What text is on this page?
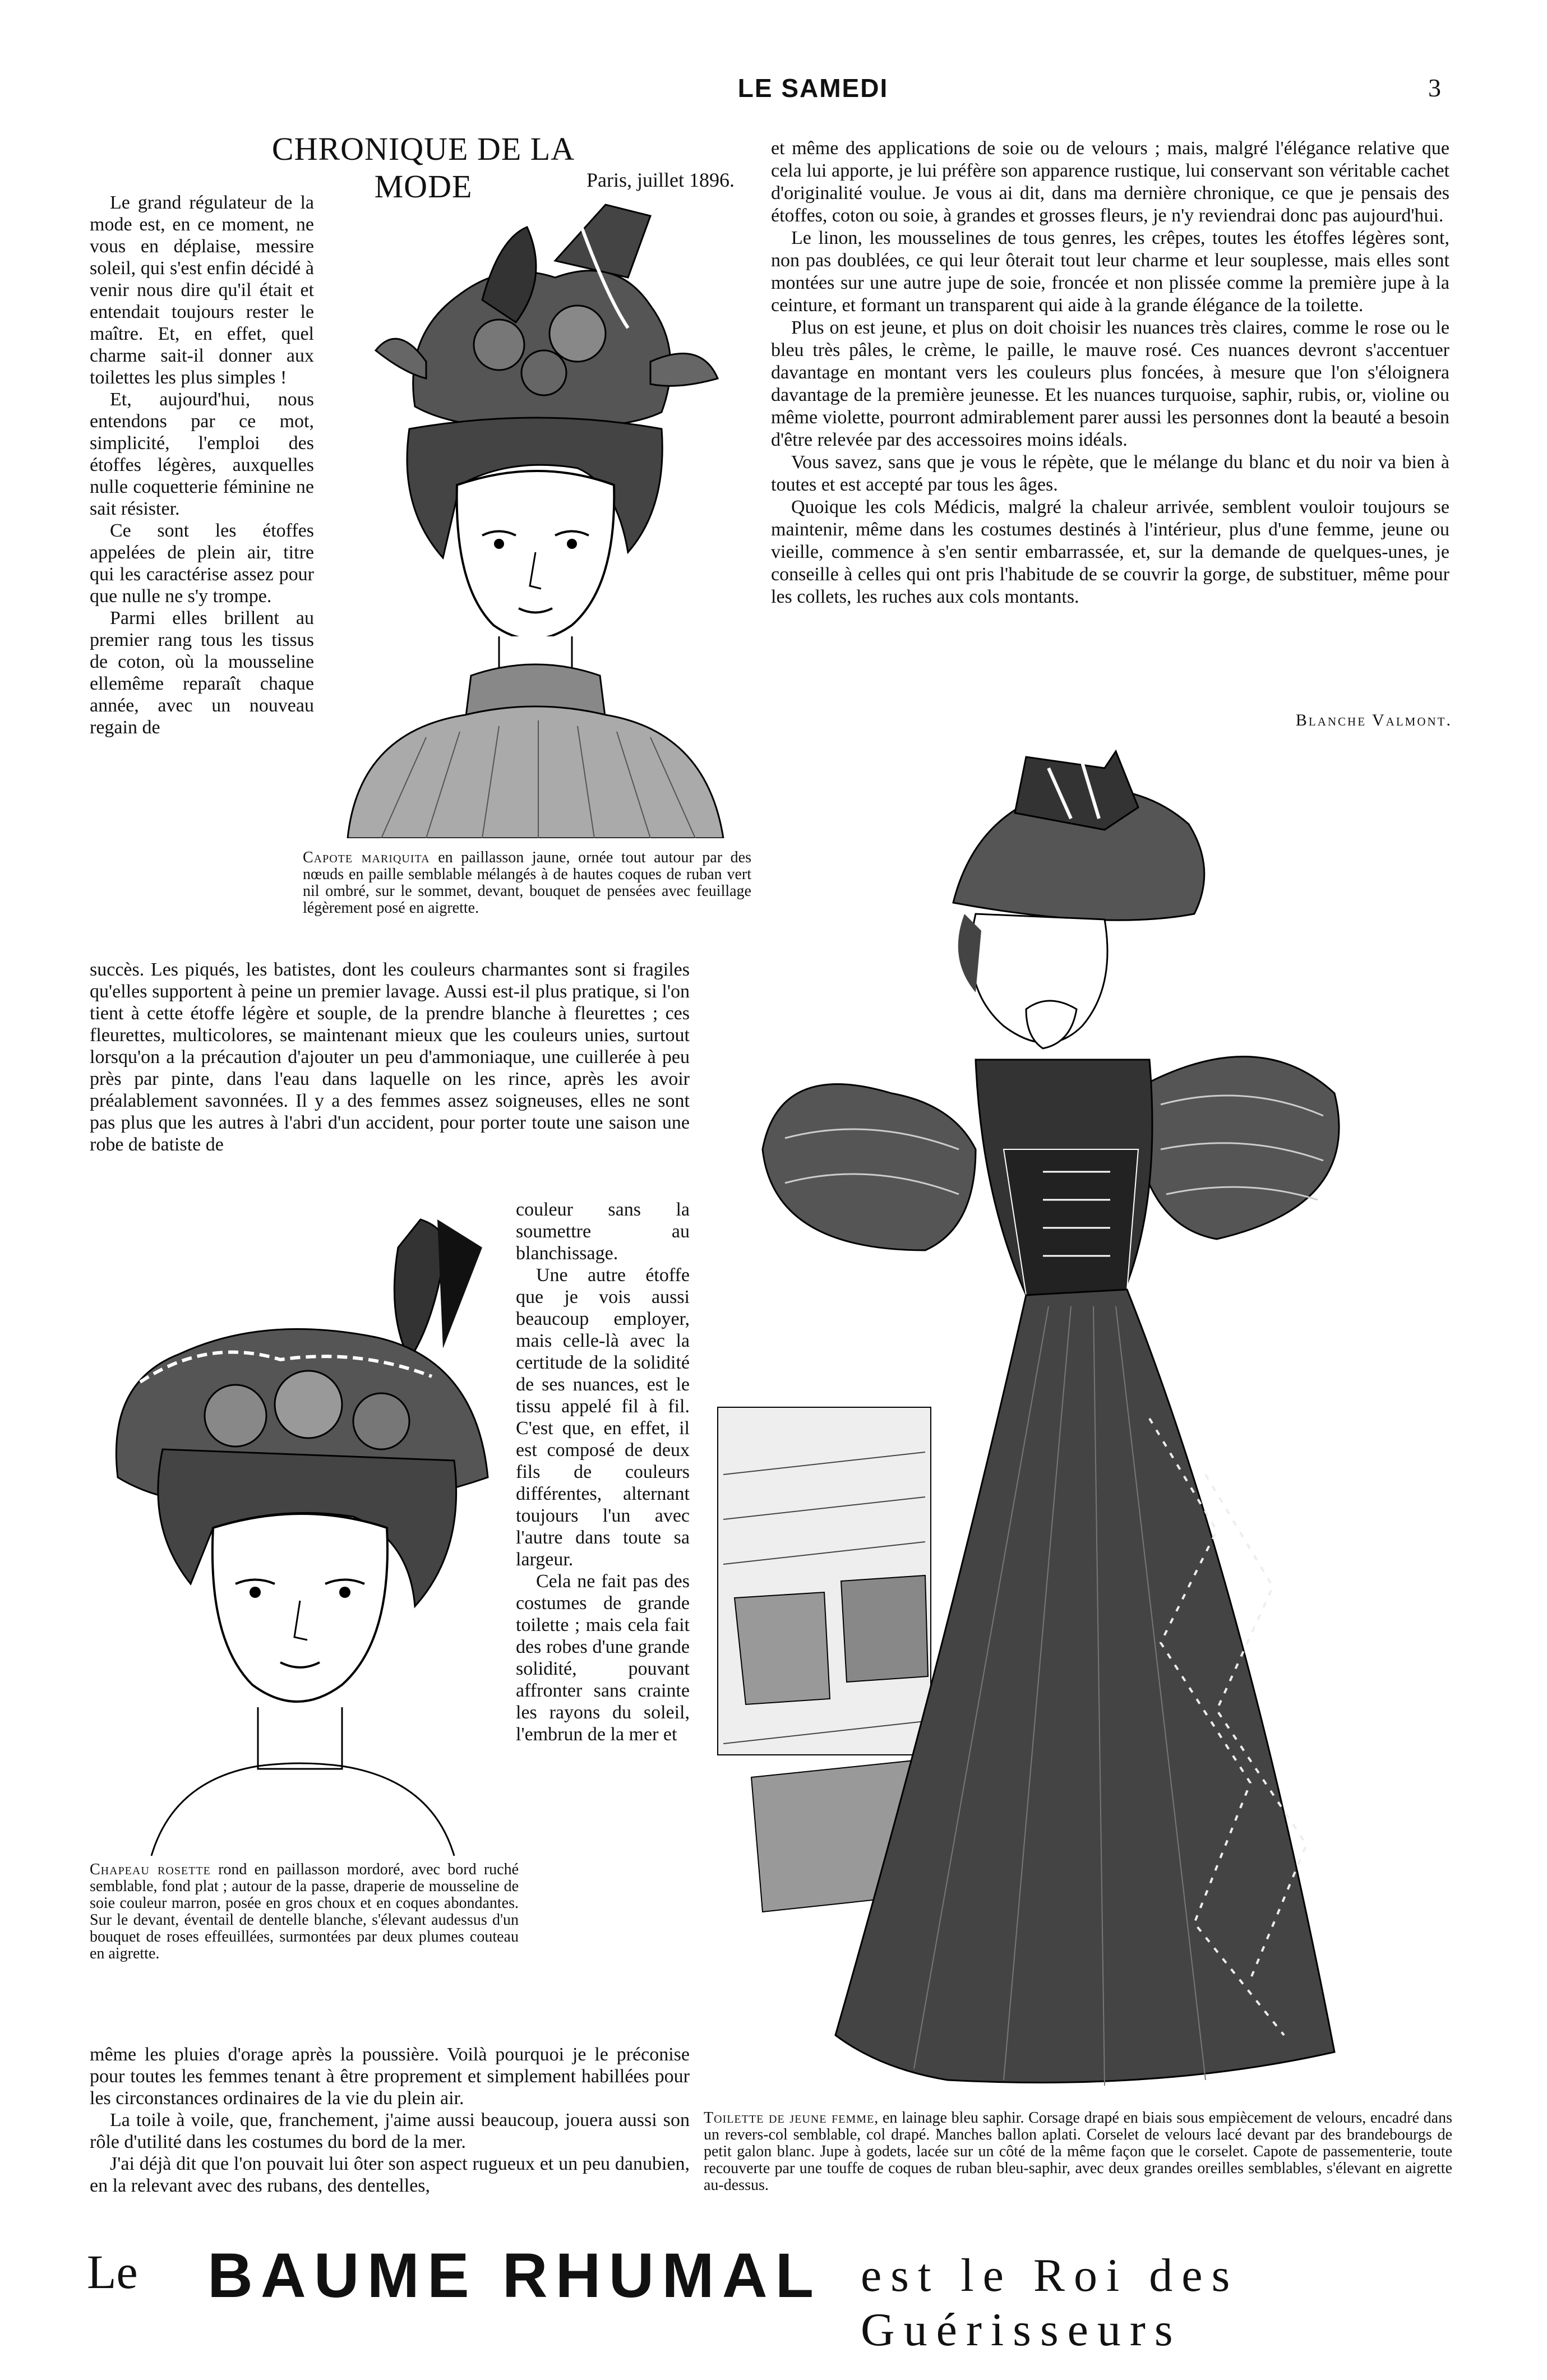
LE SAMEDI	3
CHRONIQUE DE LA MODE	Paris, juillet 1896.

Le grand régulateur de la mode est, en ce moment, ne vous en déplaise, messire soleil, qui s'est enfin décidé à venir nous dire qu'il était et entendait toujours rester le maître. Et, en effet, quel charme sait-il donner aux toilettes les plus simples !

Et, aujourd'hui, nous entendons par ce mot, simplicité, l'emploi des étoffes légères, auxquelles nulle coquetterie féminine ne sait résister.

Ce sont les étoffes appelées de plein air, titre qui les caractérise assez pour que nulle ne s'y trompe.

Parmi elles brillent au premier rang tous les tissus de coton, où la mousseline ellemême reparaît chaque année, avec un nouveau regain de

Capote mariquita en paillasson jaune, ornée tout autour par des nœuds en paille semblable mélangés à de hautes coques de ruban vert nil ombré, sur le sommet, devant, bouquet de pensées avec feuillage légèrement posé en aigrette.

succès. Les piqués, les batistes, dont les couleurs charmantes sont si fragiles qu'elles supportent à peine un premier lavage. Aussi est-il plus pratique, si l'on tient à cette étoffe légère et souple, de la prendre blanche à fleurettes ; ces fleurettes, multicolores, se maintenant mieux que les couleurs unies, surtout lorsqu'on a la précaution d'ajouter un peu d'ammoniaque, une cuillerée à peu près par pinte, dans l'eau dans laquelle on les rince, après les avoir préalablement savonnées. Il y a des femmes assez soigneuses, elles ne sont pas plus que les autres à l'abri d'un accident, pour porter toute une saison une robe de batiste de

couleur sans la soumettre au blanchissage.

Une autre étoffe que je vois aussi beaucoup employer, mais celle-là avec la certitude de la solidité de ses nuances, est le tissu appelé fil à fil. C'est que, en effet, il est composé de deux fils de couleurs différentes, alternant toujours l'un avec l'autre dans toute sa largeur.

Cela ne fait pas des costumes de grande toilette ; mais cela fait des robes d'une grande solidité, pouvant affronter sans crainte les rayons du soleil, l'embrun de la mer et

Chapeau rosette rond en paillasson mordoré, avec bord ruché semblable, fond plat ; autour de la passe, draperie de mousseline de soie couleur marron, posée en gros choux et en coques abondantes. Sur le devant, éventail de dentelle blanche, s'élevant audessus d'un bouquet de roses effeuillées, surmontées par deux plumes couteau en aigrette.

même les pluies d'orage après la poussière. Voilà pourquoi je le préconise pour toutes les femmes tenant à être proprement et simplement habillées pour les circonstances ordinaires de la vie du plein air.

La toile à voile, que, franchement, j'aime aussi beaucoup, jouera aussi son rôle d'utilité dans les costumes du bord de la mer.

J'ai déjà dit que l'on pouvait lui ôter son aspect rugueux et un peu danubien, en la relevant avec des rubans, des dentelles,

et même des applications de soie ou de velours ; mais, malgré l'élégance relative que cela lui apporte, je lui préfère son apparence rustique, lui conservant son véritable cachet d'originalité voulue. Je vous ai dit, dans ma dernière chronique, ce que je pensais des étoffes, coton ou soie, à grandes et grosses fleurs, je n'y reviendrai donc pas aujourd'hui.

Le linon, les mousselines de tous genres, les crêpes, toutes les étoffes légères sont, non pas doublées, ce qui leur ôterait tout leur charme et leur souplesse, mais elles sont montées sur une autre jupe de soie, froncée et non plissée comme la première jupe à la ceinture, et formant un transparent qui aide à la grande élégance de la toilette.

Plus on est jeune, et plus on doit choisir les nuances très claires, comme le rose ou le bleu très pâles, le crème, le paille, le mauve rosé. Ces nuances devront s'accentuer davantage en montant vers les couleurs plus foncées, à mesure que l'on s'éloignera davantage de la première jeunesse. Et les nuances turquoise, saphir, rubis, or, violine ou même violette, pourront admirablement parer aussi les personnes dont la beauté a besoin d'être relevée par des accessoires moins idéals.

Vous savez, sans que je vous le répète, que le mélange du blanc et du noir va bien à toutes et est accepté par tous les âges.

Quoique les cols Médicis, malgré la chaleur arrivée, semblent vouloir toujours se maintenir, même dans les costumes destinés à l'intérieur, plus d'une femme, jeune ou vieille, commence à s'en sentir embarrassée, et, sur la demande de quelques-unes, je conseille à celles qui ont pris l'habitude de se couvrir la gorge, de substituer, même pour les collets, les ruches aux cols montants.

Blanche Valmont.
Toilette de jeune femme, en lainage bleu saphir. Corsage drapé en biais sous empiècement de velours, encadré dans un revers-col semblable, col drapé. Manches ballon aplati. Corselet de velours lacé devant par des brandebourgs de petit galon blanc. Jupe à godets, lacée sur un côté de la même façon que le corselet. Capote de passementerie, toute recouverte par une touffe de coques de ruban bleu-saphir, avec deux grandes oreilles semblables, s'élevant en aigrette au-dessus.
Le BAUME RHUMAL est le Roi des Guérisseurs
